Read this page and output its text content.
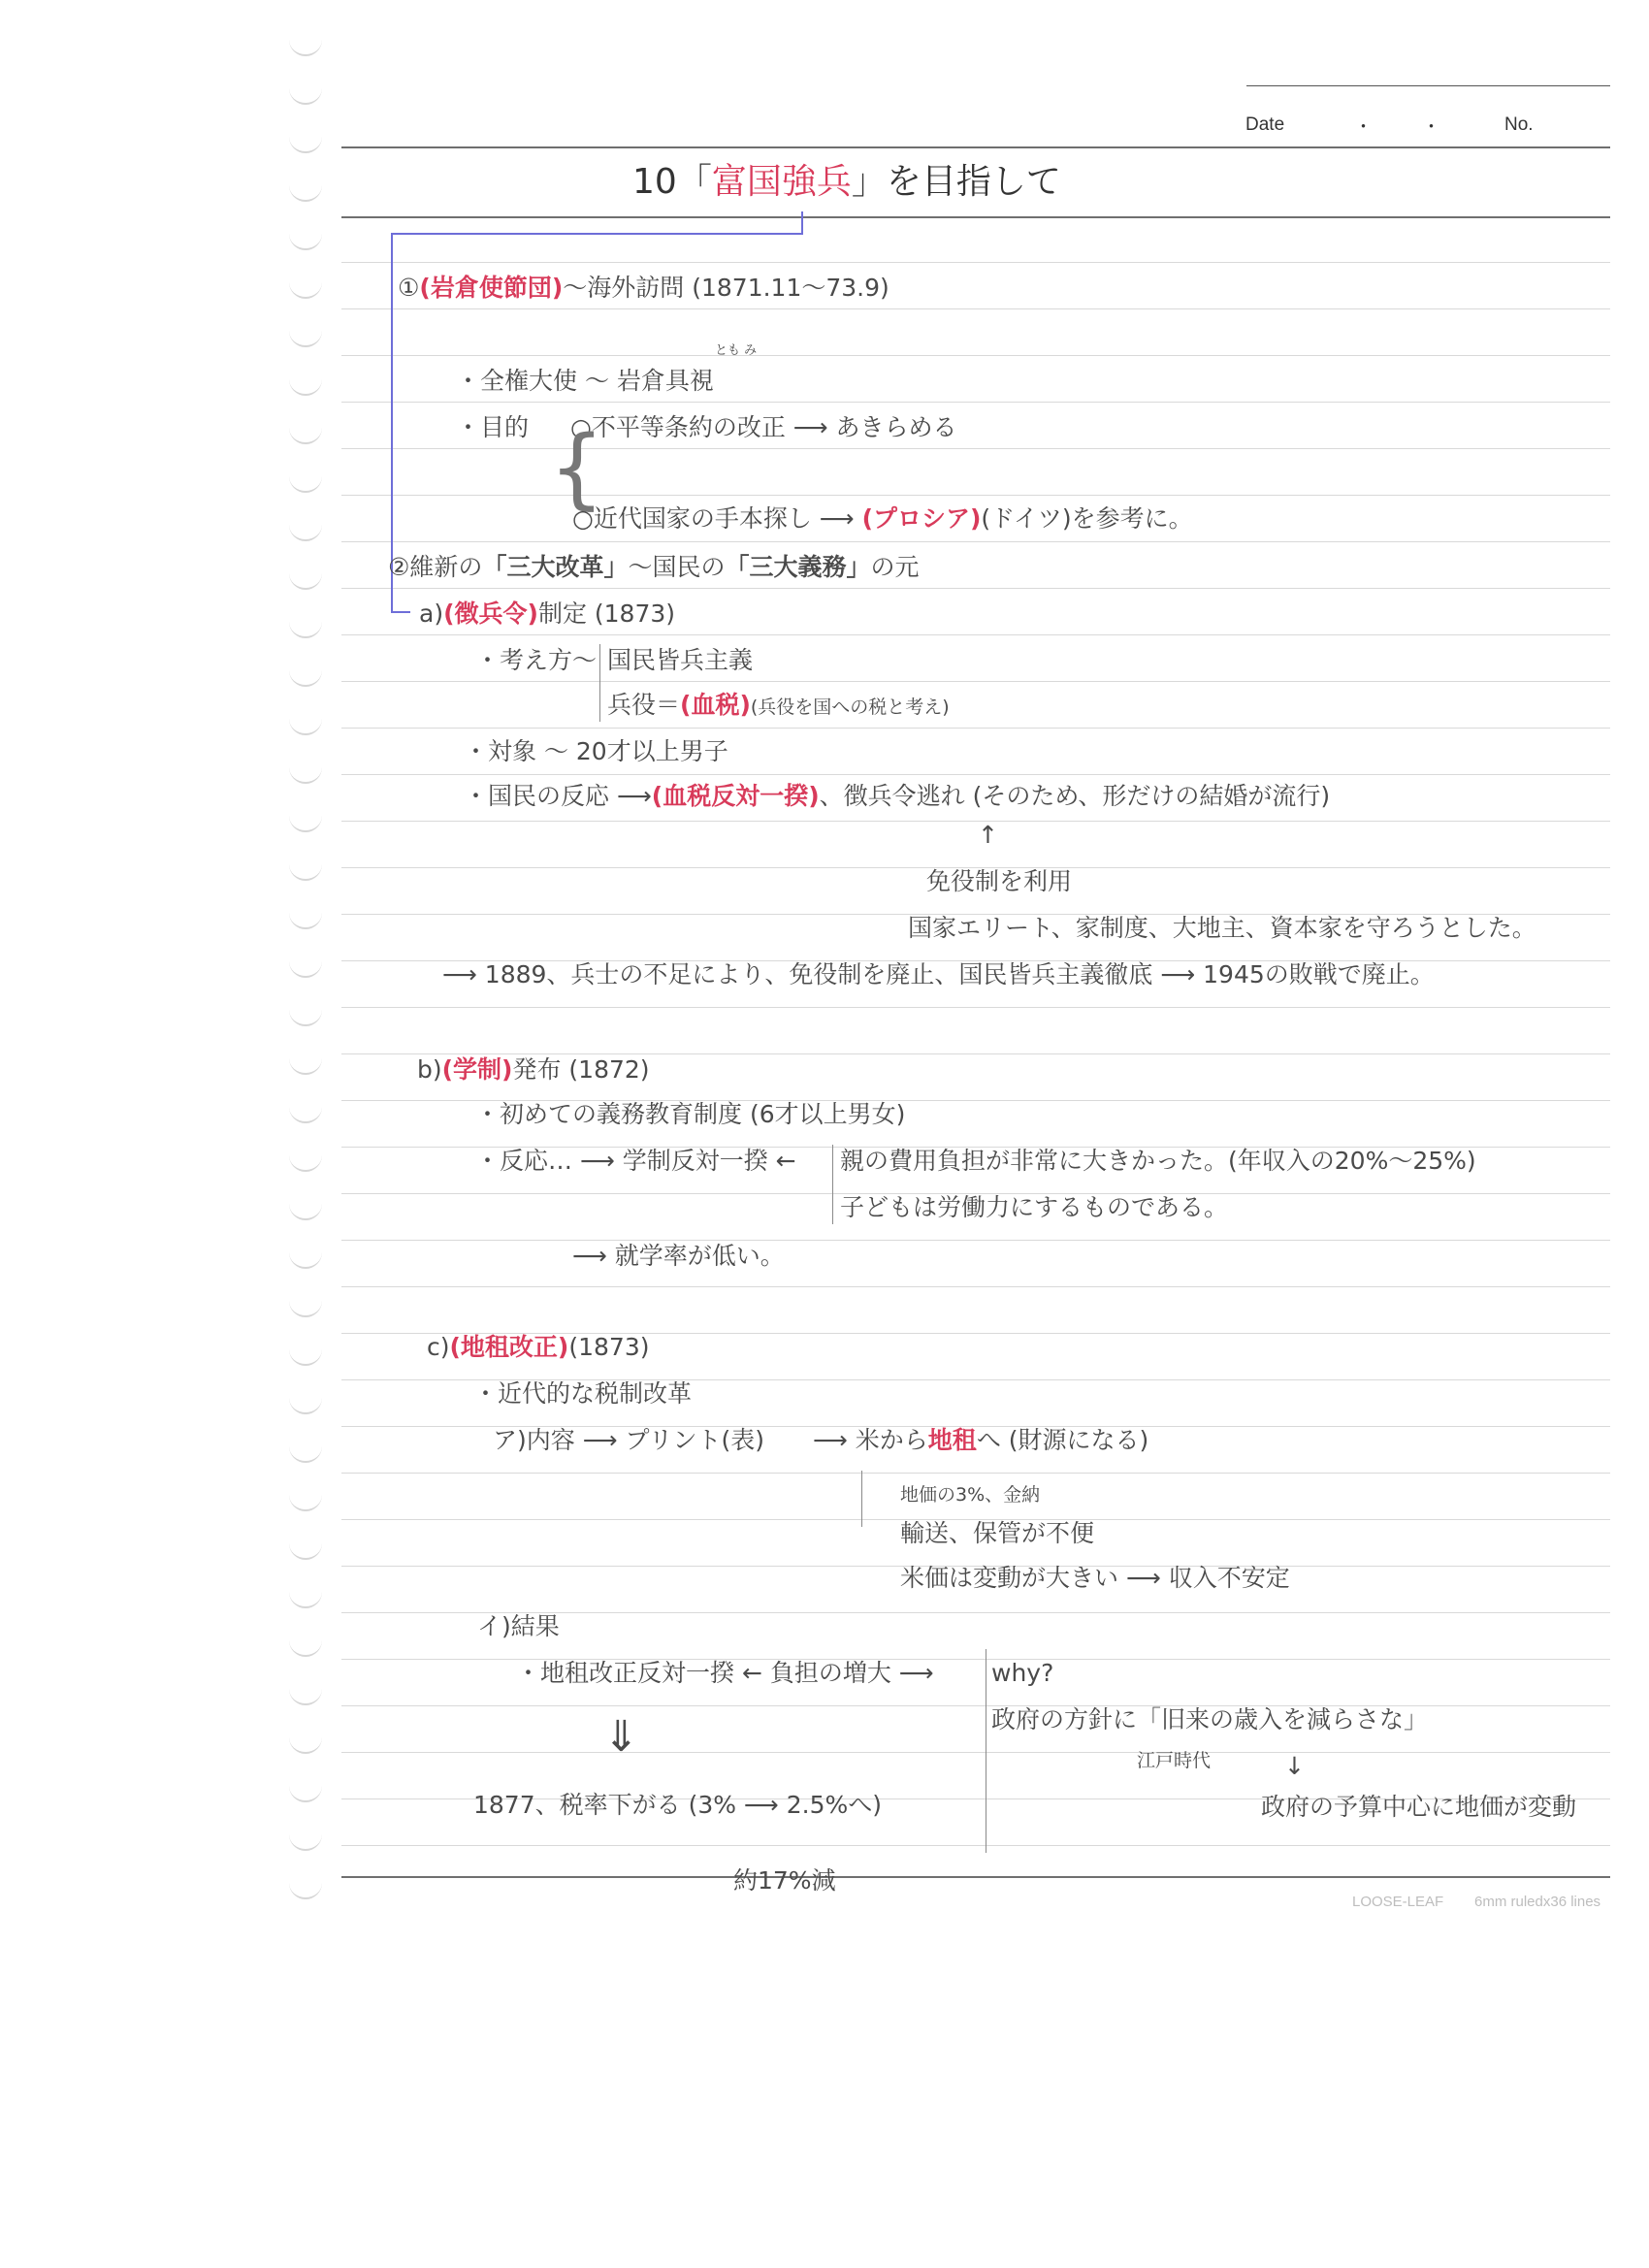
Date	・	・	No.
LOOSE-LEAF 6mm ruledx36 lines
10「富国強兵」を目指して
①(岩倉使節団)～海外訪問 (1871.11～73.9)
とも み
・全権大使 ～ 岩倉具視
・目的 ○不平等条約の改正 ⟶ あきらめる
{
○近代国家の手本探し ⟶ (プロシア)(ドイツ)を参考に。
②維新の「三大改革」～国民の「三大義務」の元
a)(徴兵令)制定 (1873)
・考え方～ 国民皆兵主義
兵役＝(血税)(兵役を国への税と考え)
・対象 ～ 20才以上男子
・国民の反応 ⟶(血税反対一揆)、徴兵令逃れ (そのため、形だけの結婚が流行)
↑
免役制を利用
国家エリート、家制度、大地主、資本家を守ろうとした。
⟶ 1889、兵士の不足により、免役制を廃止、国民皆兵主義徹底 ⟶ 1945の敗戦で廃止。
b)(学制)発布 (1872)
・初めての義務教育制度 (6才以上男女)
・反応… ⟶ 学制反対一揆 ← 親の費用負担が非常に大きかった。(年収入の20%～25%)
子どもは労働力にするものである。
⟶ 就学率が低い。
c)(地租改正)(1873)
・近代的な税制改革
ア)内容 ⟶ プリント(表) ⟶ 米から地租へ (財源になる)
地価の3%、金納
輸送、保管が不便
米価は変動が大きい ⟶ 収入不安定
イ)結果
・地租改正反対一揆 ← 負担の増大 ⟶
⇓
1877、税率下がる (3% ⟶ 2.5%へ)
約17%減
why?
政府の方針に「旧来の歳入を減らさな」
江戸時代	↓
政府の予算中心に地価が変動
